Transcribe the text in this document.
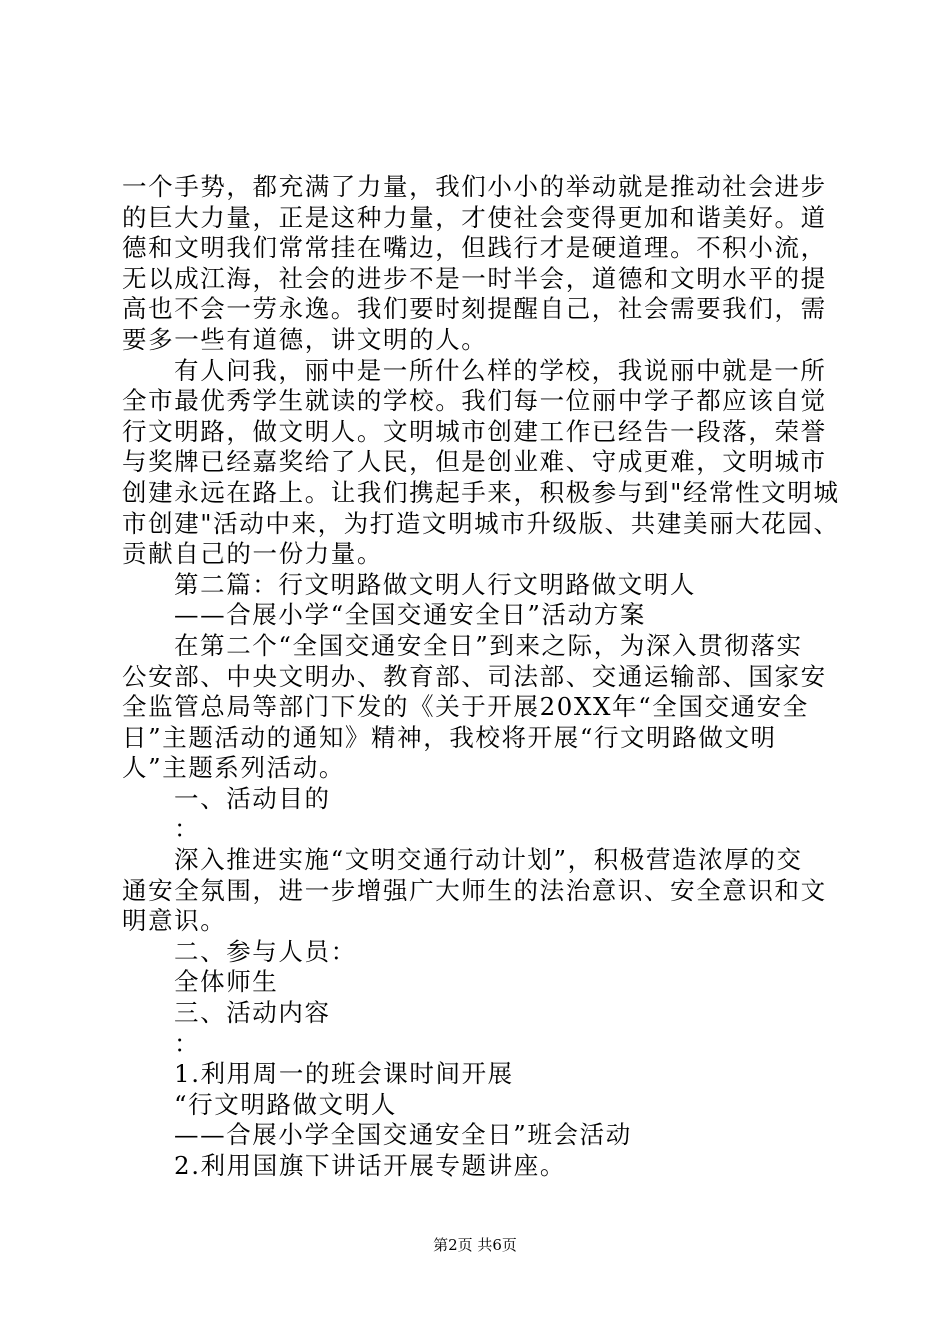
一个手势，都充满了力量，我们小小的举动就是推动社会进步
的巨大力量，正是这种力量，才使社会变得更加和谐美好。道
德和文明我们常常挂在嘴边，但践行才是硬道理。不积小流，
无以成江海，社会的进步不是一时半会，道德和文明水平的提
高也不会一劳永逸。我们要时刻提醒自己，社会需要我们，需
要多一些有道德，讲文明的人。
有人问我，丽中是一所什么样的学校，我说丽中就是一所
全市最优秀学生就读的学校。我们每一位丽中学子都应该自觉
行文明路，做文明人。文明城市创建工作已经告一段落，荣誉
与奖牌已经嘉奖给了人民，但是创业难、守成更难，文明城市
创建永远在路上。让我们携起手来，积极参与到"经常性文明城
市创建"活动中来，为打造文明城市升级版、共建美丽大花园、
贡献自己的一份力量。
第二篇：行文明路做文明人行文明路做文明人
——合展小学“全国交通安全日”活动方案
在第二个“全国交通安全日”到来之际，为深入贯彻落实
公安部、中央文明办、教育部、司法部、交通运输部、国家安
全监管总局等部门下发的《关于开展20XX年“全国交通安全
日”主题活动的通知》精神，我校将开展“行文明路做文明
人”主题系列活动。
一、活动目的
：
深入推进实施“文明交通行动计划”，积极营造浓厚的交
通安全氛围，进一步增强广大师生的法治意识、安全意识和文
明意识。
二、参与人员：
全体师生
三、活动内容
：
1.利用周一的班会课时间开展
“行文明路做文明人
——合展小学全国交通安全日”班会活动
2.利用国旗下讲话开展专题讲座。
第2页 共6页
